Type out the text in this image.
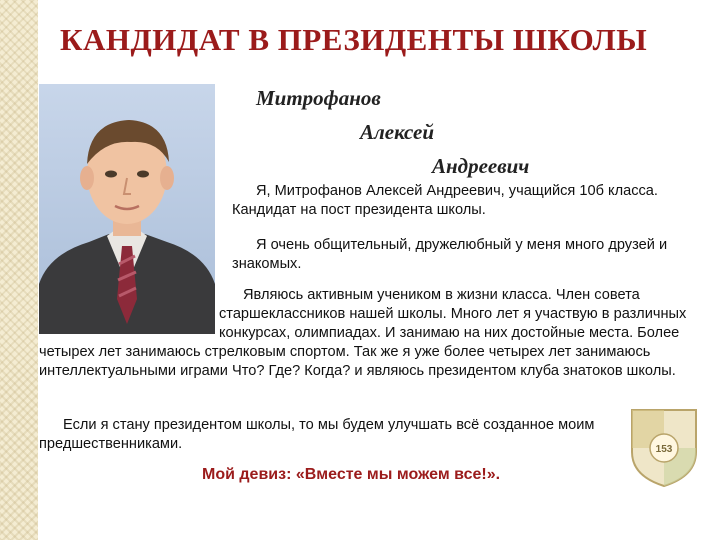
КАНДИДАТ В ПРЕЗИДЕНТЫ ШКОЛЫ
Митрофанов
Алексей
Андреевич

Я, Митрофанов Алексей Андреевич, учащийся 10б класса. Кандидат на пост президента школы.

Я очень общительный, дружелюбный у меня много друзей и знакомых.

Являюсь активным учеником в жизни класса. Член совета старшеклассников нашей школы. Много лет я участвую в различных конкурсах, олимпиадах. И занимаю на них достойные места. Более четырех лет занимаюсь стрелковым спортом. Так же я уже более четырех лет занимаюсь интеллектуальными играми Что? Где? Когда? и являюсь президентом клуба знатоков школы.

Если я стану президентом школы, то мы будем улучшать всё созданное моим предшественниками.	153

Мой девиз: «Вместе мы можем все!».
